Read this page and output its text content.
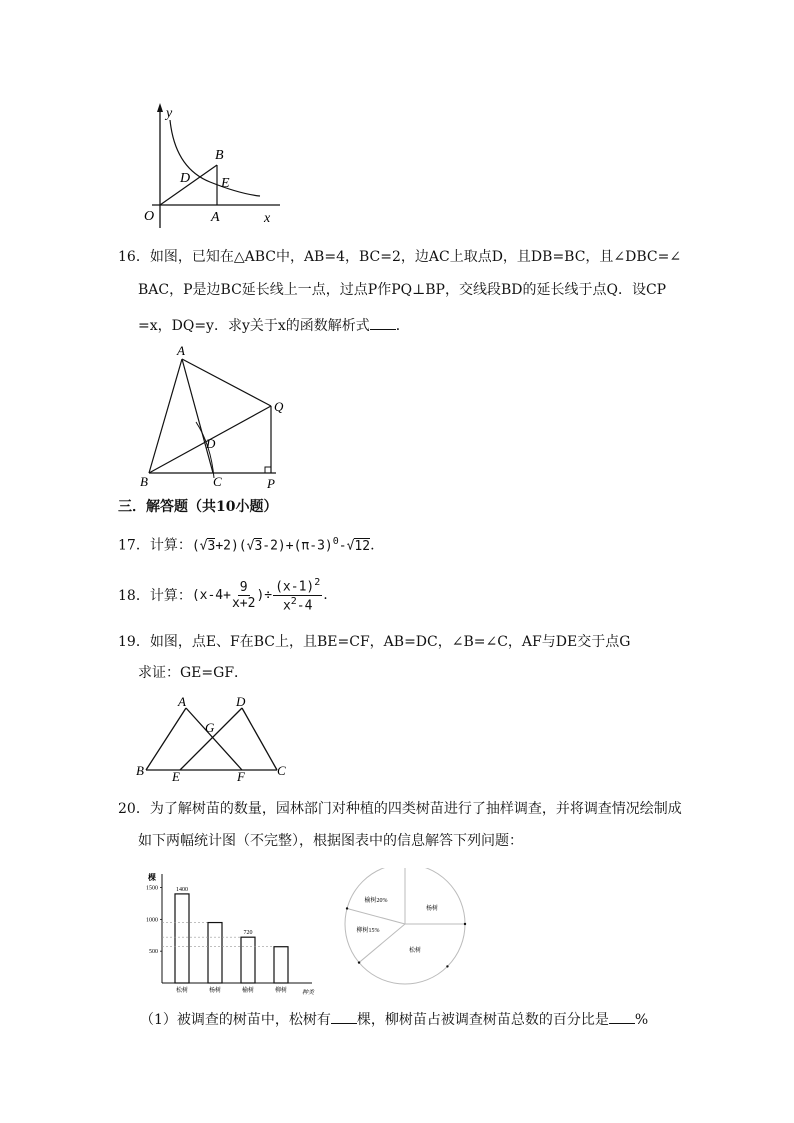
y
x
O	A
B
D E
16．如图，已知在△ABC中，AB=4，BC=2，边AC上取点D，且DB=BC，且∠DBC=∠
BAC，P是边BC延长线上一点，过点P作PQ⊥BP，交线段BD的延长线于点Q．设CP
=x，DQ=y．求y关于x的函数解析式 ．
A
B	C
D
P
Q
三．解答题（共10小题）
17．计算：$(√3+2)(√3-2)+(\pi-3)^0-√12$.
18．计算： ($x-4+ \frac{9}{x+2}$ )÷ $\frac{(x-1)^2}{x^2-4}$ .
19．如图，点E、F在BC上，且BE=CF，AB=DC，∠B=∠C，AF与DE交于点G
求证：GE=GF．
A	D
G
B E	F C
20．为了解树苗的数量，园林部门对种植的四类树苗进行了抽样调查，并将调查情况绘制成
如下两幅统计图（不完整），根据图表中的信息解答下列问题：
棵
种类
500
1000
1500	1400
松树	杨树
720
榆树	柳树
杨树
松树
柳树15%
榆树20%
（1）被调查的树苗中，松树有 棵，柳树苗占被调查树苗总数的百分比是 %
